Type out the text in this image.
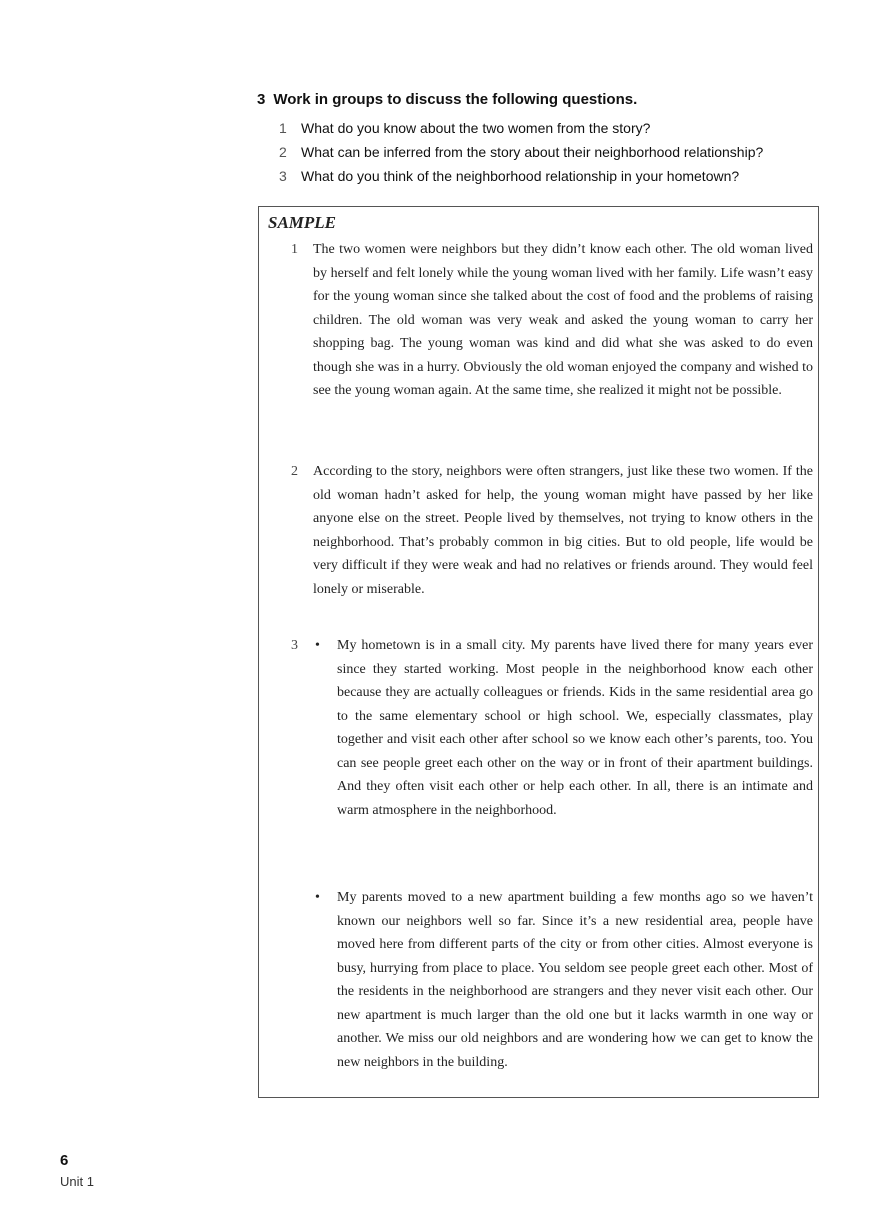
3 Work in groups to discuss the following questions.
1 What do you know about the two women from the story?
2 What can be inferred from the story about their neighborhood relationship?
3 What do you think of the neighborhood relationship in your hometown?
SAMPLE
1 The two women were neighbors but they didn’t know each other. The old woman lived by herself and felt lonely while the young woman lived with her family. Life wasn’t easy for the young woman since she talked about the cost of food and the problems of raising children. The old woman was very weak and asked the young woman to carry her shopping bag. The young woman was kind and did what she was asked to do even though she was in a hurry. Obviously the old woman enjoyed the company and wished to see the young woman again. At the same time, she realized it might not be possible.
2 According to the story, neighbors were often strangers, just like these two women. If the old woman hadn’t asked for help, the young woman might have passed by her like anyone else on the street. People lived by themselves, not trying to know others in the neighborhood. That’s probably common in big cities. But to old people, life would be very difficult if they were weak and had no relatives or friends around. They would feel lonely or miserable.
3 • My hometown is in a small city. My parents have lived there for many years ever since they started working. Most people in the neighborhood know each other because they are actually colleagues or friends. Kids in the same residential area go to the same elementary school or high school. We, especially classmates, play together and visit each other after school so we know each other’s parents, too. You can see people greet each other on the way or in front of their apartment buildings. And they often visit each other or help each other. In all, there is an intimate and warm atmosphere in the neighborhood.
• My parents moved to a new apartment building a few months ago so we haven’t known our neighbors well so far. Since it’s a new residential area, people have moved here from different parts of the city or from other cities. Almost everyone is busy, hurrying from place to place. You seldom see people greet each other. Most of the residents in the neighborhood are strangers and they never visit each other. Our new apartment is much larger than the old one but it lacks warmth in one way or another. We miss our old neighbors and are wondering how we can get to know the new neighbors in the building.
6
Unit 1
